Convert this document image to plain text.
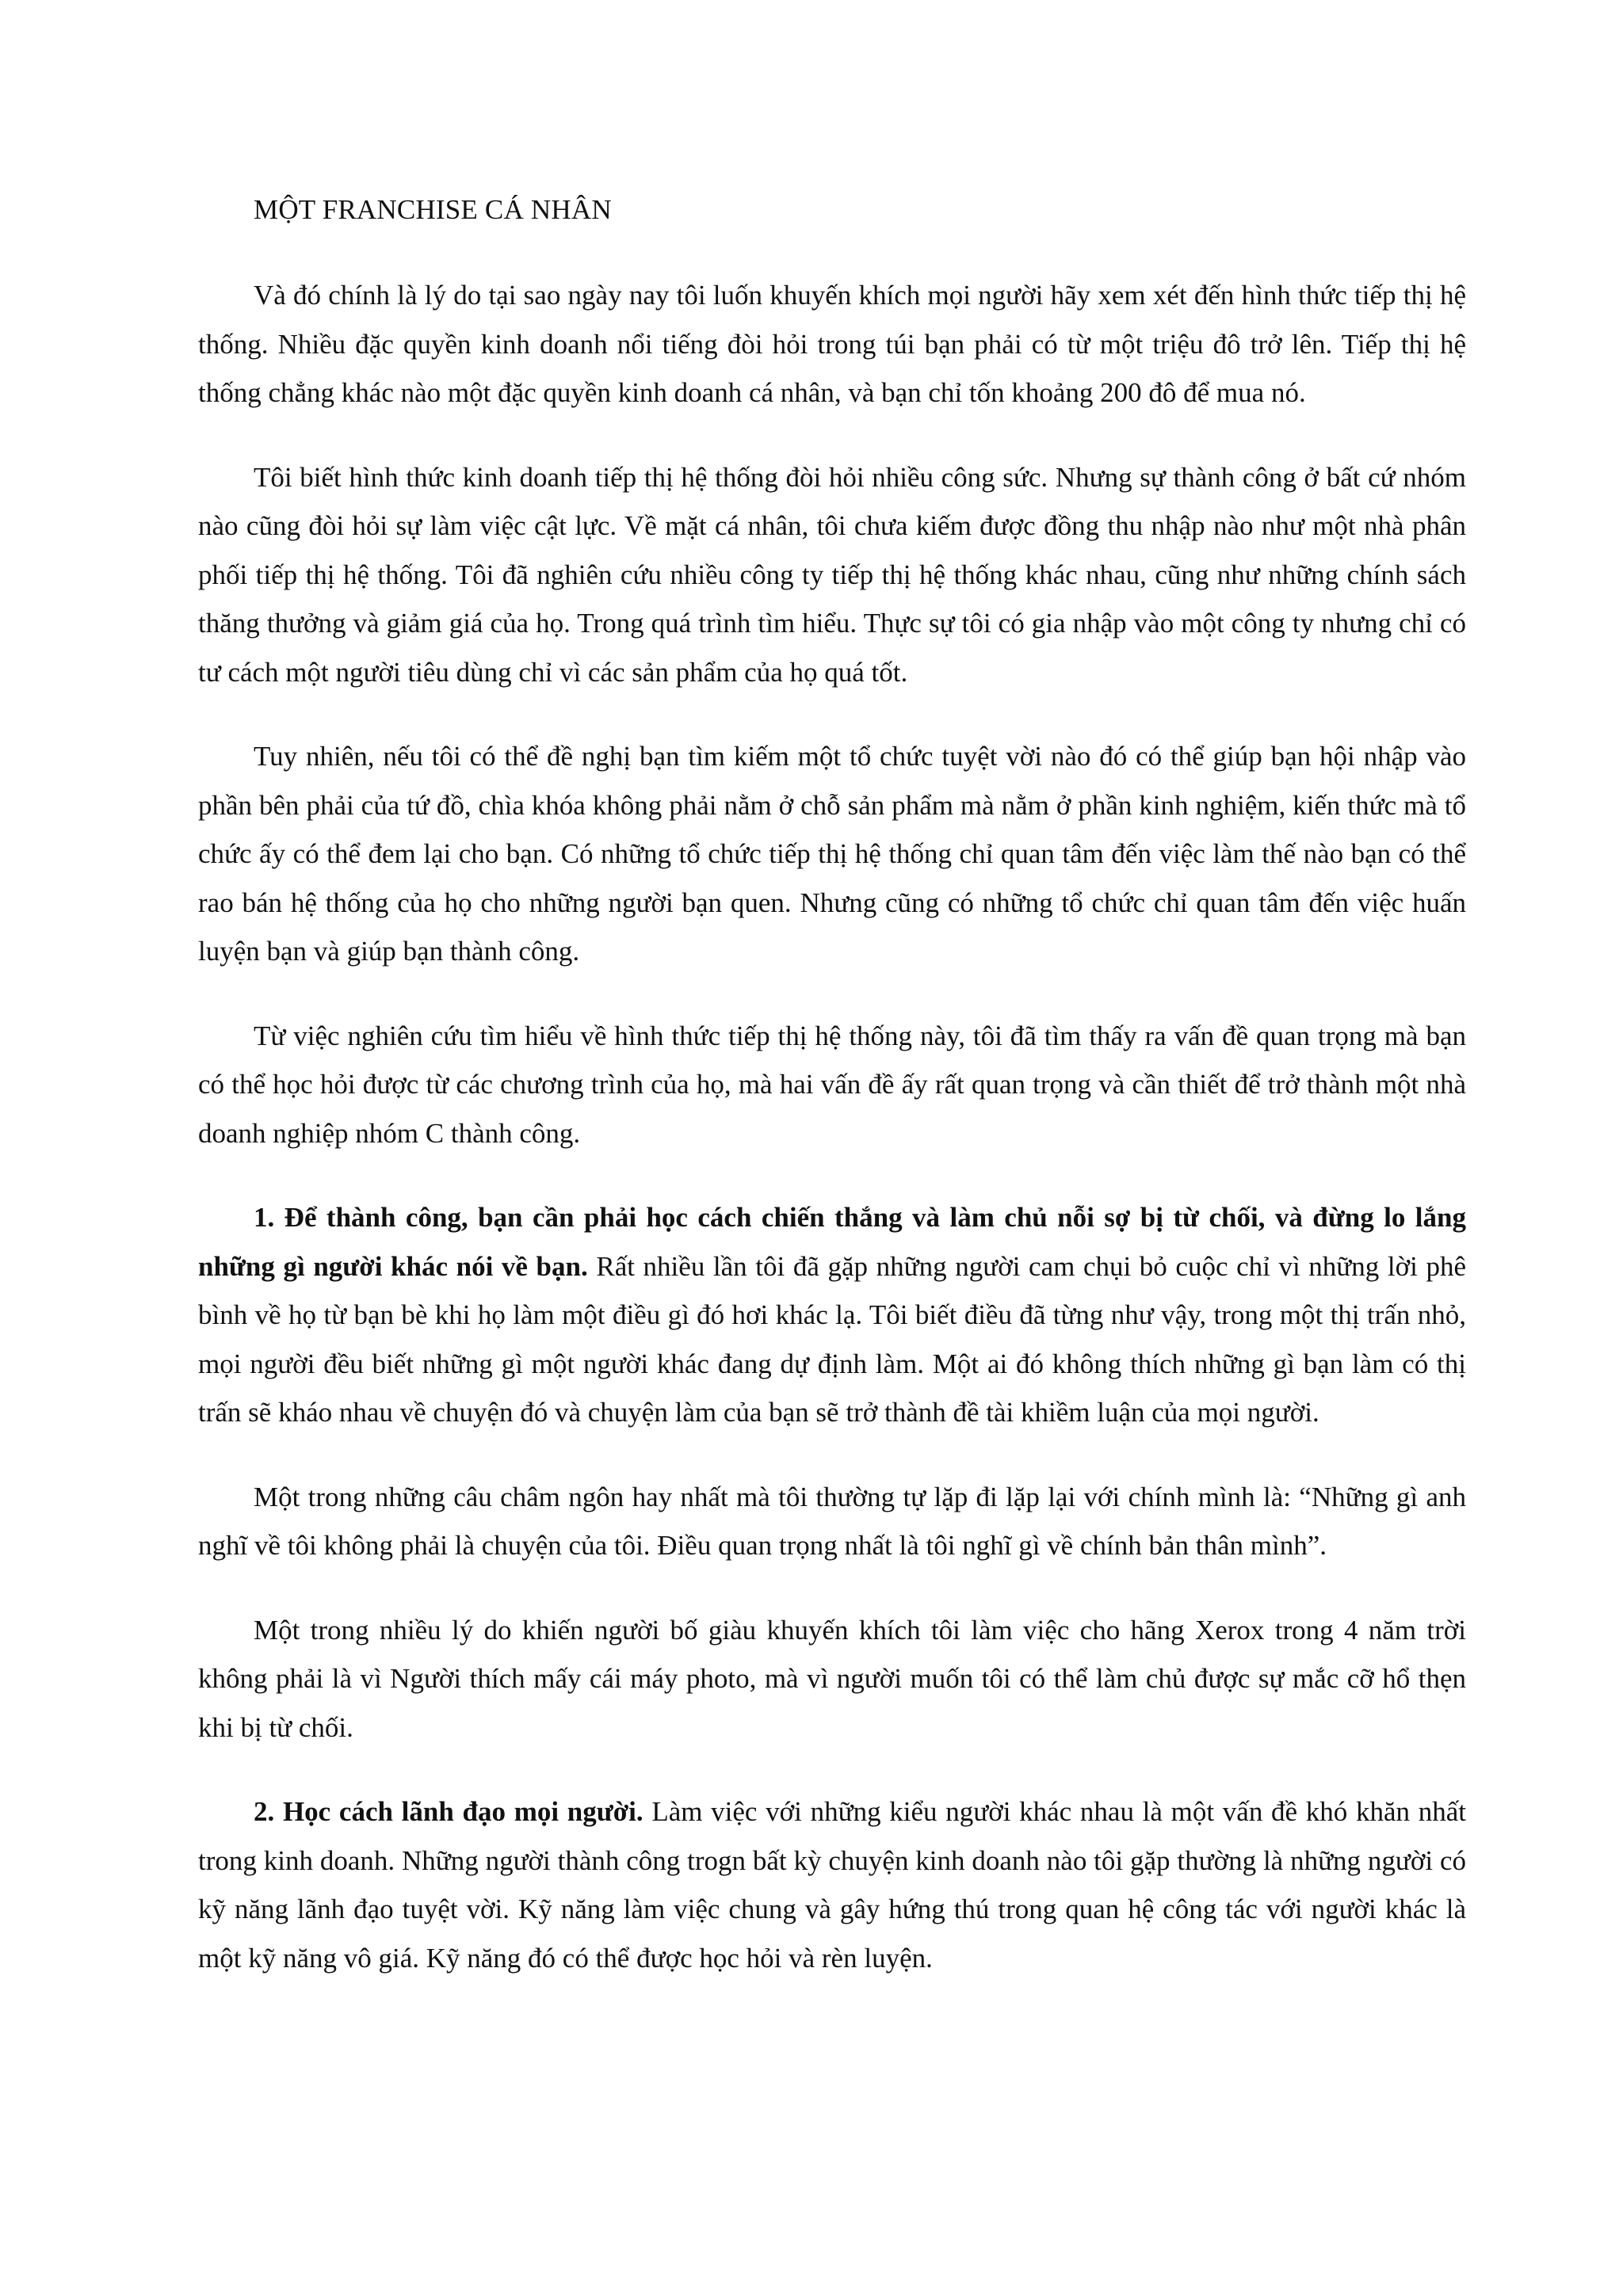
MỘT FRANCHISE CÁ NHÂN

Và đó chính là lý do tại sao ngày nay tôi luốn khuyến khích mọi người hãy xem xét đến hình thức tiếp thị hệ thống. Nhiều đặc quyền kinh doanh nổi tiếng đòi hỏi trong túi bạn phải có từ một triệu đô trở lên. Tiếp thị hệ thống chẳng khác nào một đặc quyền kinh doanh cá nhân, và bạn chỉ tốn khoảng 200 đô để mua nó.

Tôi biết hình thức kinh doanh tiếp thị hệ thống đòi hỏi nhiều công sức. Nhưng sự thành công ở bất cứ nhóm nào cũng đòi hỏi sự làm việc cật lực. Về mặt cá nhân, tôi chưa kiếm được đồng thu nhập nào như một nhà phân phối tiếp thị hệ thống. Tôi đã nghiên cứu nhiều công ty tiếp thị hệ thống khác nhau, cũng như những chính sách thăng thưởng và giảm giá của họ. Trong quá trình tìm hiểu. Thực sự tôi có gia nhập vào một công ty nhưng chỉ có tư cách một người tiêu dùng chỉ vì các sản phẩm của họ quá tốt.

Tuy nhiên, nếu tôi có thể đề nghị bạn tìm kiếm một tổ chức tuyệt vời nào đó có thể giúp bạn hội nhập vào phần bên phải của tứ đồ, chìa khóa không phải nằm ở chỗ sản phẩm mà nằm ở phần kinh nghiệm, kiến thức mà tổ chức ấy có thể đem lại cho bạn. Có những tổ chức tiếp thị hệ thống chỉ quan tâm đến việc làm thế nào bạn có thể rao bán hệ thống của họ cho những người bạn quen. Nhưng cũng có những tổ chức chỉ quan tâm đến việc huấn luyện bạn và giúp bạn thành công.

Từ việc nghiên cứu tìm hiểu về hình thức tiếp thị hệ thống này, tôi đã tìm thấy ra vấn đề quan trọng mà bạn có thể học hỏi được từ các chương trình của họ, mà hai vấn đề ấy rất quan trọng và cần thiết để trở thành một nhà doanh nghiệp nhóm C thành công.

1. Để thành công, bạn cần phải học cách chiến thắng và làm chủ nỗi sợ bị từ chối, và đừng lo lắng những gì người khác nói về bạn. Rất nhiều lần tôi đã gặp những người cam chụi bỏ cuộc chỉ vì những lời phê bình về họ từ bạn bè khi họ làm một điều gì đó hơi khác lạ. Tôi biết điều đã từng như vậy, trong một thị trấn nhỏ, mọi người đều biết những gì một người khác đang dự định làm. Một ai đó không thích những gì bạn làm có thị trấn sẽ kháo nhau về chuyện đó và chuyện làm của bạn sẽ trở thành đề tài khiềm luận của mọi người.

Một trong những câu châm ngôn hay nhất mà tôi thường tự lặp đi lặp lại với chính mình là: “Những gì anh nghĩ về tôi không phải là chuyện của tôi. Điều quan trọng nhất là tôi nghĩ gì về chính bản thân mình”.

Một trong nhiều lý do khiến người bố giàu khuyến khích tôi làm việc cho hãng Xerox trong 4 năm trời không phải là vì Người thích mấy cái máy photo, mà vì người muốn tôi có thể làm chủ được sự mắc cỡ hổ thẹn khi bị từ chối.

2. Học cách lãnh đạo mọi người. Làm việc với những kiểu người khác nhau là một vấn đề khó khăn nhất trong kinh doanh. Những người thành công trogn bất kỳ chuyện kinh doanh nào tôi gặp thường là những người có kỹ năng lãnh đạo tuyệt vời. Kỹ năng làm việc chung và gây hứng thú trong quan hệ công tác với người khác là một kỹ năng vô giá. Kỹ năng đó có thể được học hỏi và rèn luyện.
